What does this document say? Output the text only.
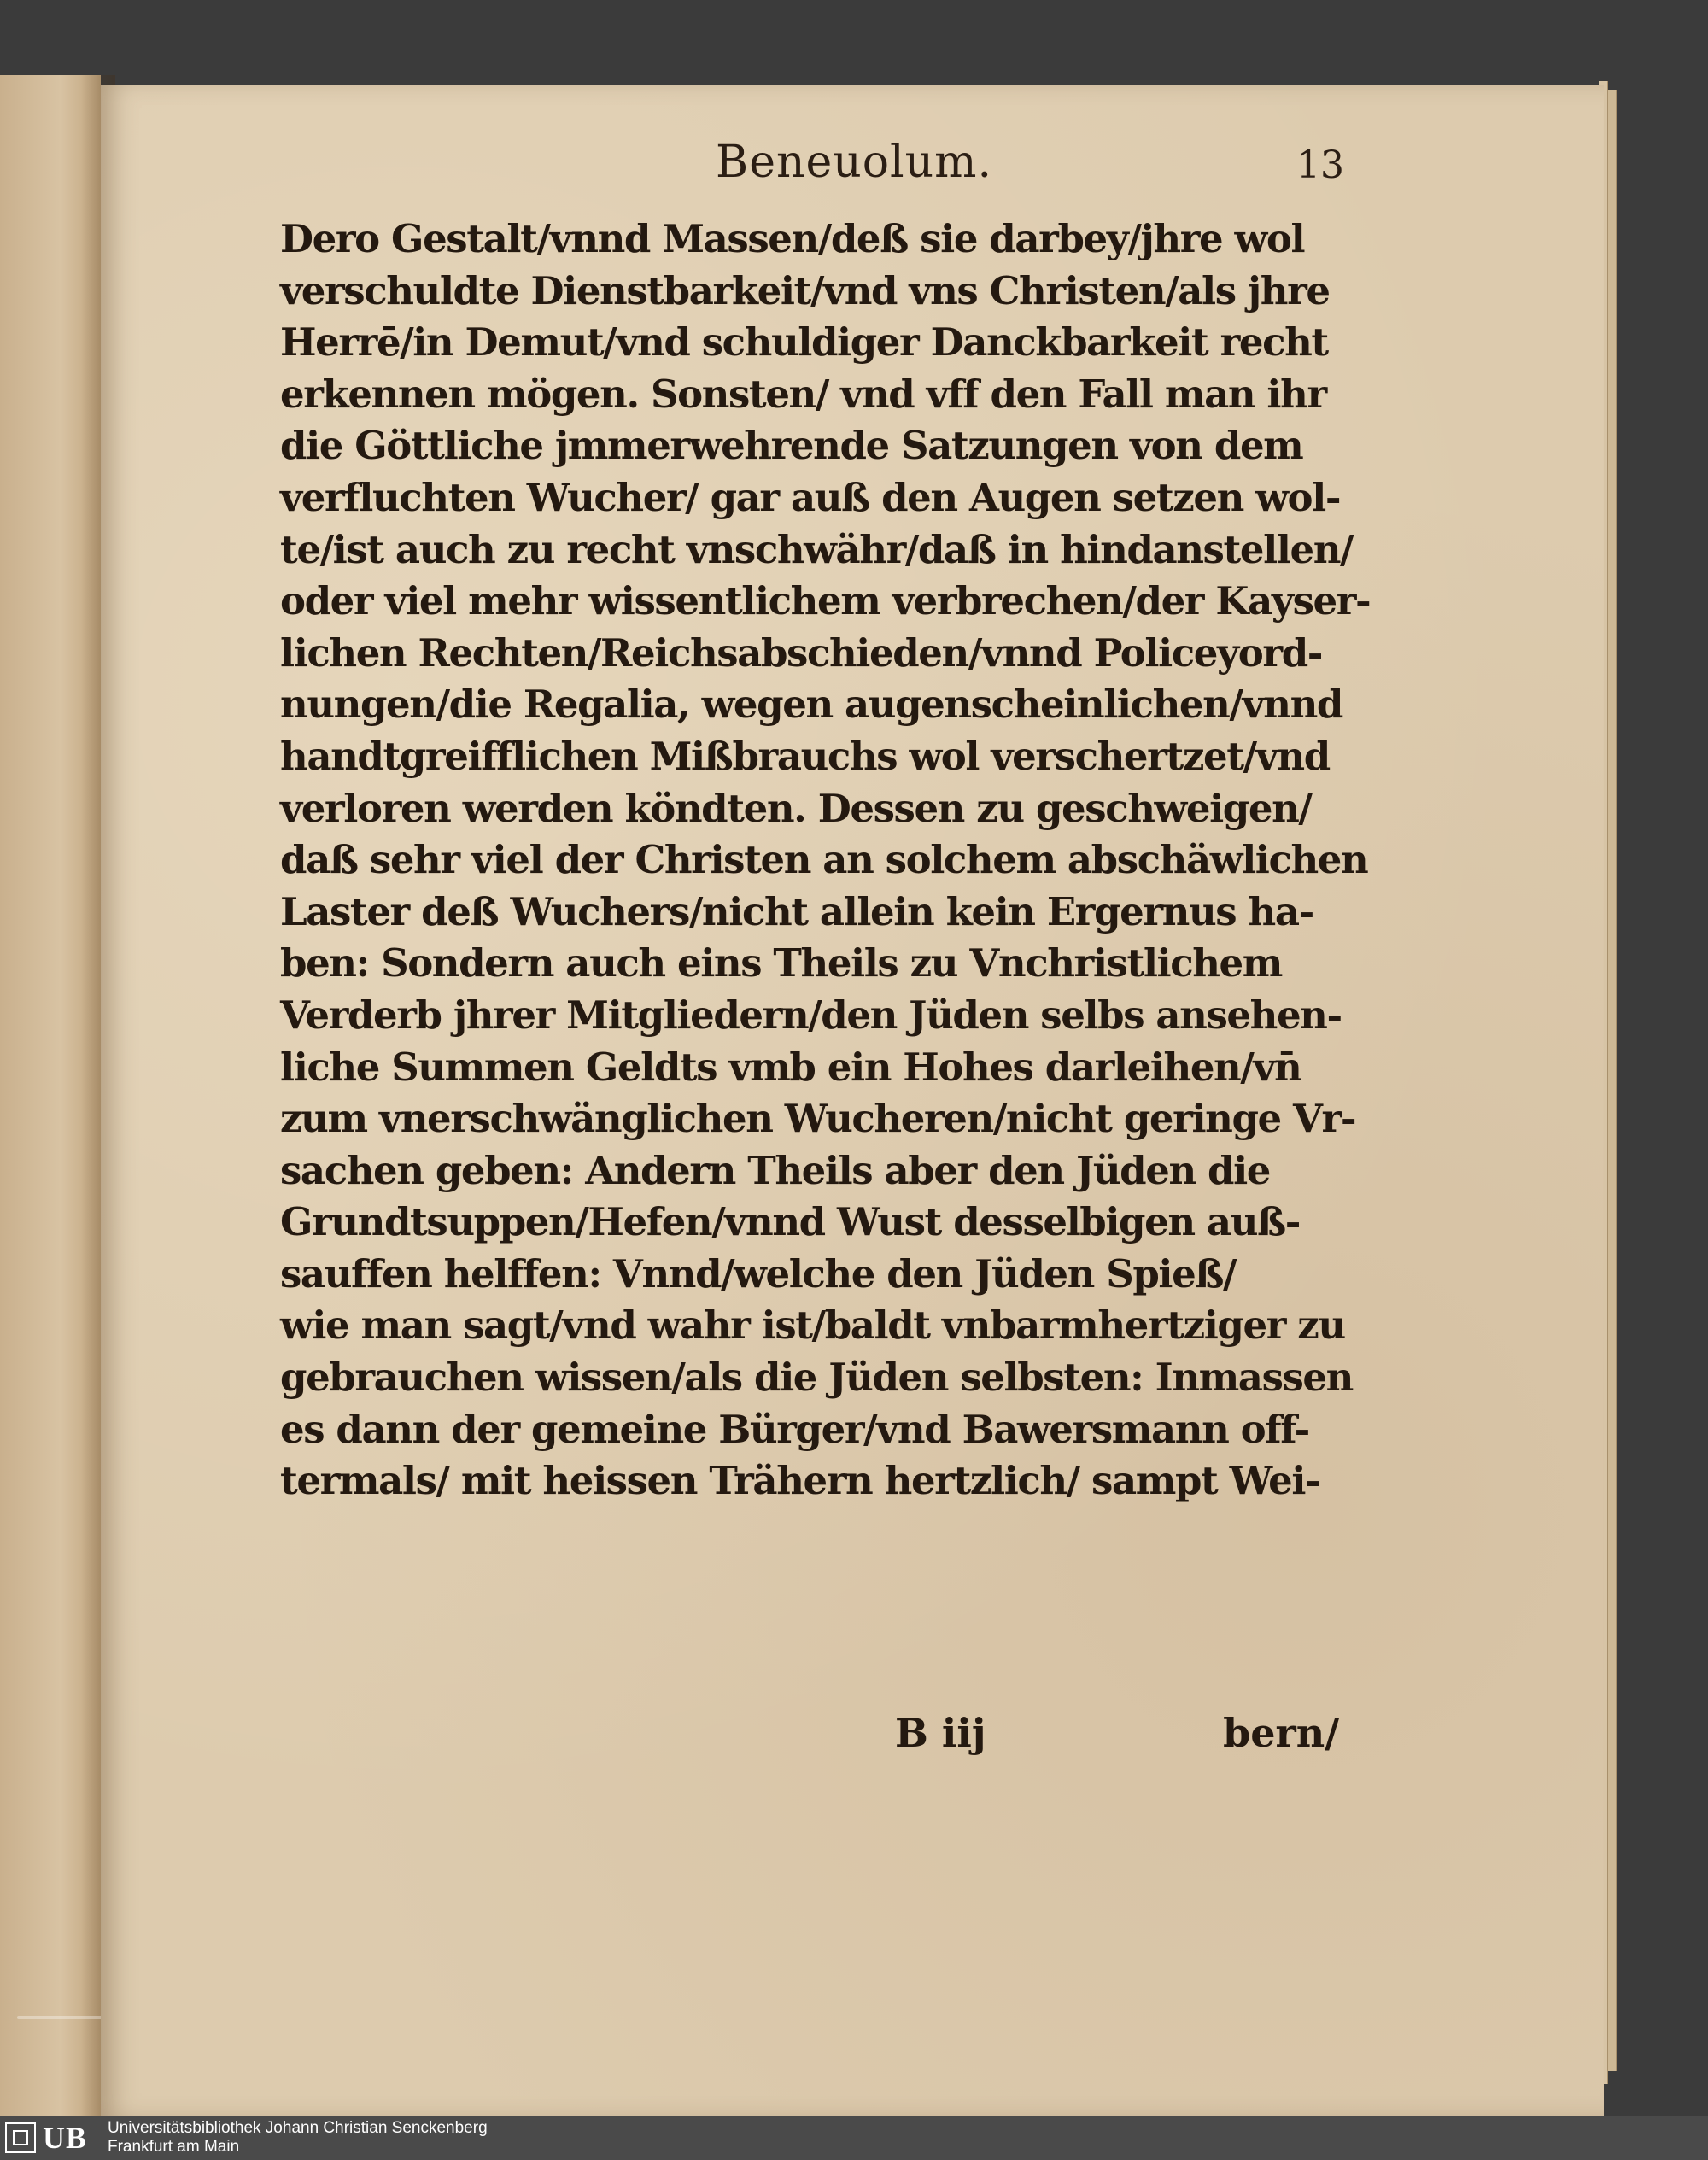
Beneuolum.	13
Dero Gestalt/vnnd Massen/deß sie darbey/jhre wol
verschuldte Dienstbarkeit/vnd vns Christen/als jhre
Herrē/in Demut/vnd schuldiger Danckbarkeit recht
erkennen mögen. Sonsten/ vnd vff den Fall man ihr
die Göttliche jmmerwehrende Satzungen von dem
verfluchten Wucher/ gar auß den Augen setzen wol-
te/ist auch zu recht vnschwähr/daß in hindanstellen/
oder viel mehr wissentlichem verbrechen/der Kayser-
lichen Rechten/Reichsabschieden/vnnd Policeyord-
nungen/die Regalia, wegen augenscheinlichen/vnnd
handtgreifflichen Mißbrauchs wol verschertzet/vnd
verloren werden köndten. Dessen zu geschweigen/
daß sehr viel der Christen an solchem abschäwlichen
Laster deß Wuchers/nicht allein kein Ergernus ha-
ben: Sondern auch eins Theils zu Vnchristlichem
Verderb jhrer Mitgliedern/den Jüden selbs ansehen-
liche Summen Geldts vmb ein Hohes darleihen/vn̄
zum vnerschwänglichen Wucheren/nicht geringe Vr-
sachen geben: Andern Theils aber den Jüden die
Grundtsuppen/Hefen/vnnd Wust desselbigen auß-
sauffen helffen: Vnnd/welche den Jüden Spieß/
wie man sagt/vnd wahr ist/baldt vnbarmhertziger zu
gebrauchen wissen/als die Jüden selbsten: Inmassen
es dann der gemeine Bürger/vnd Bawersmann off-
termals/ mit heissen Trähern hertzlich/ sampt Wei-
B iij	bern/
UB Universitätsbibliothek Johann Christian Senckenberg
Frankfurt am Main
